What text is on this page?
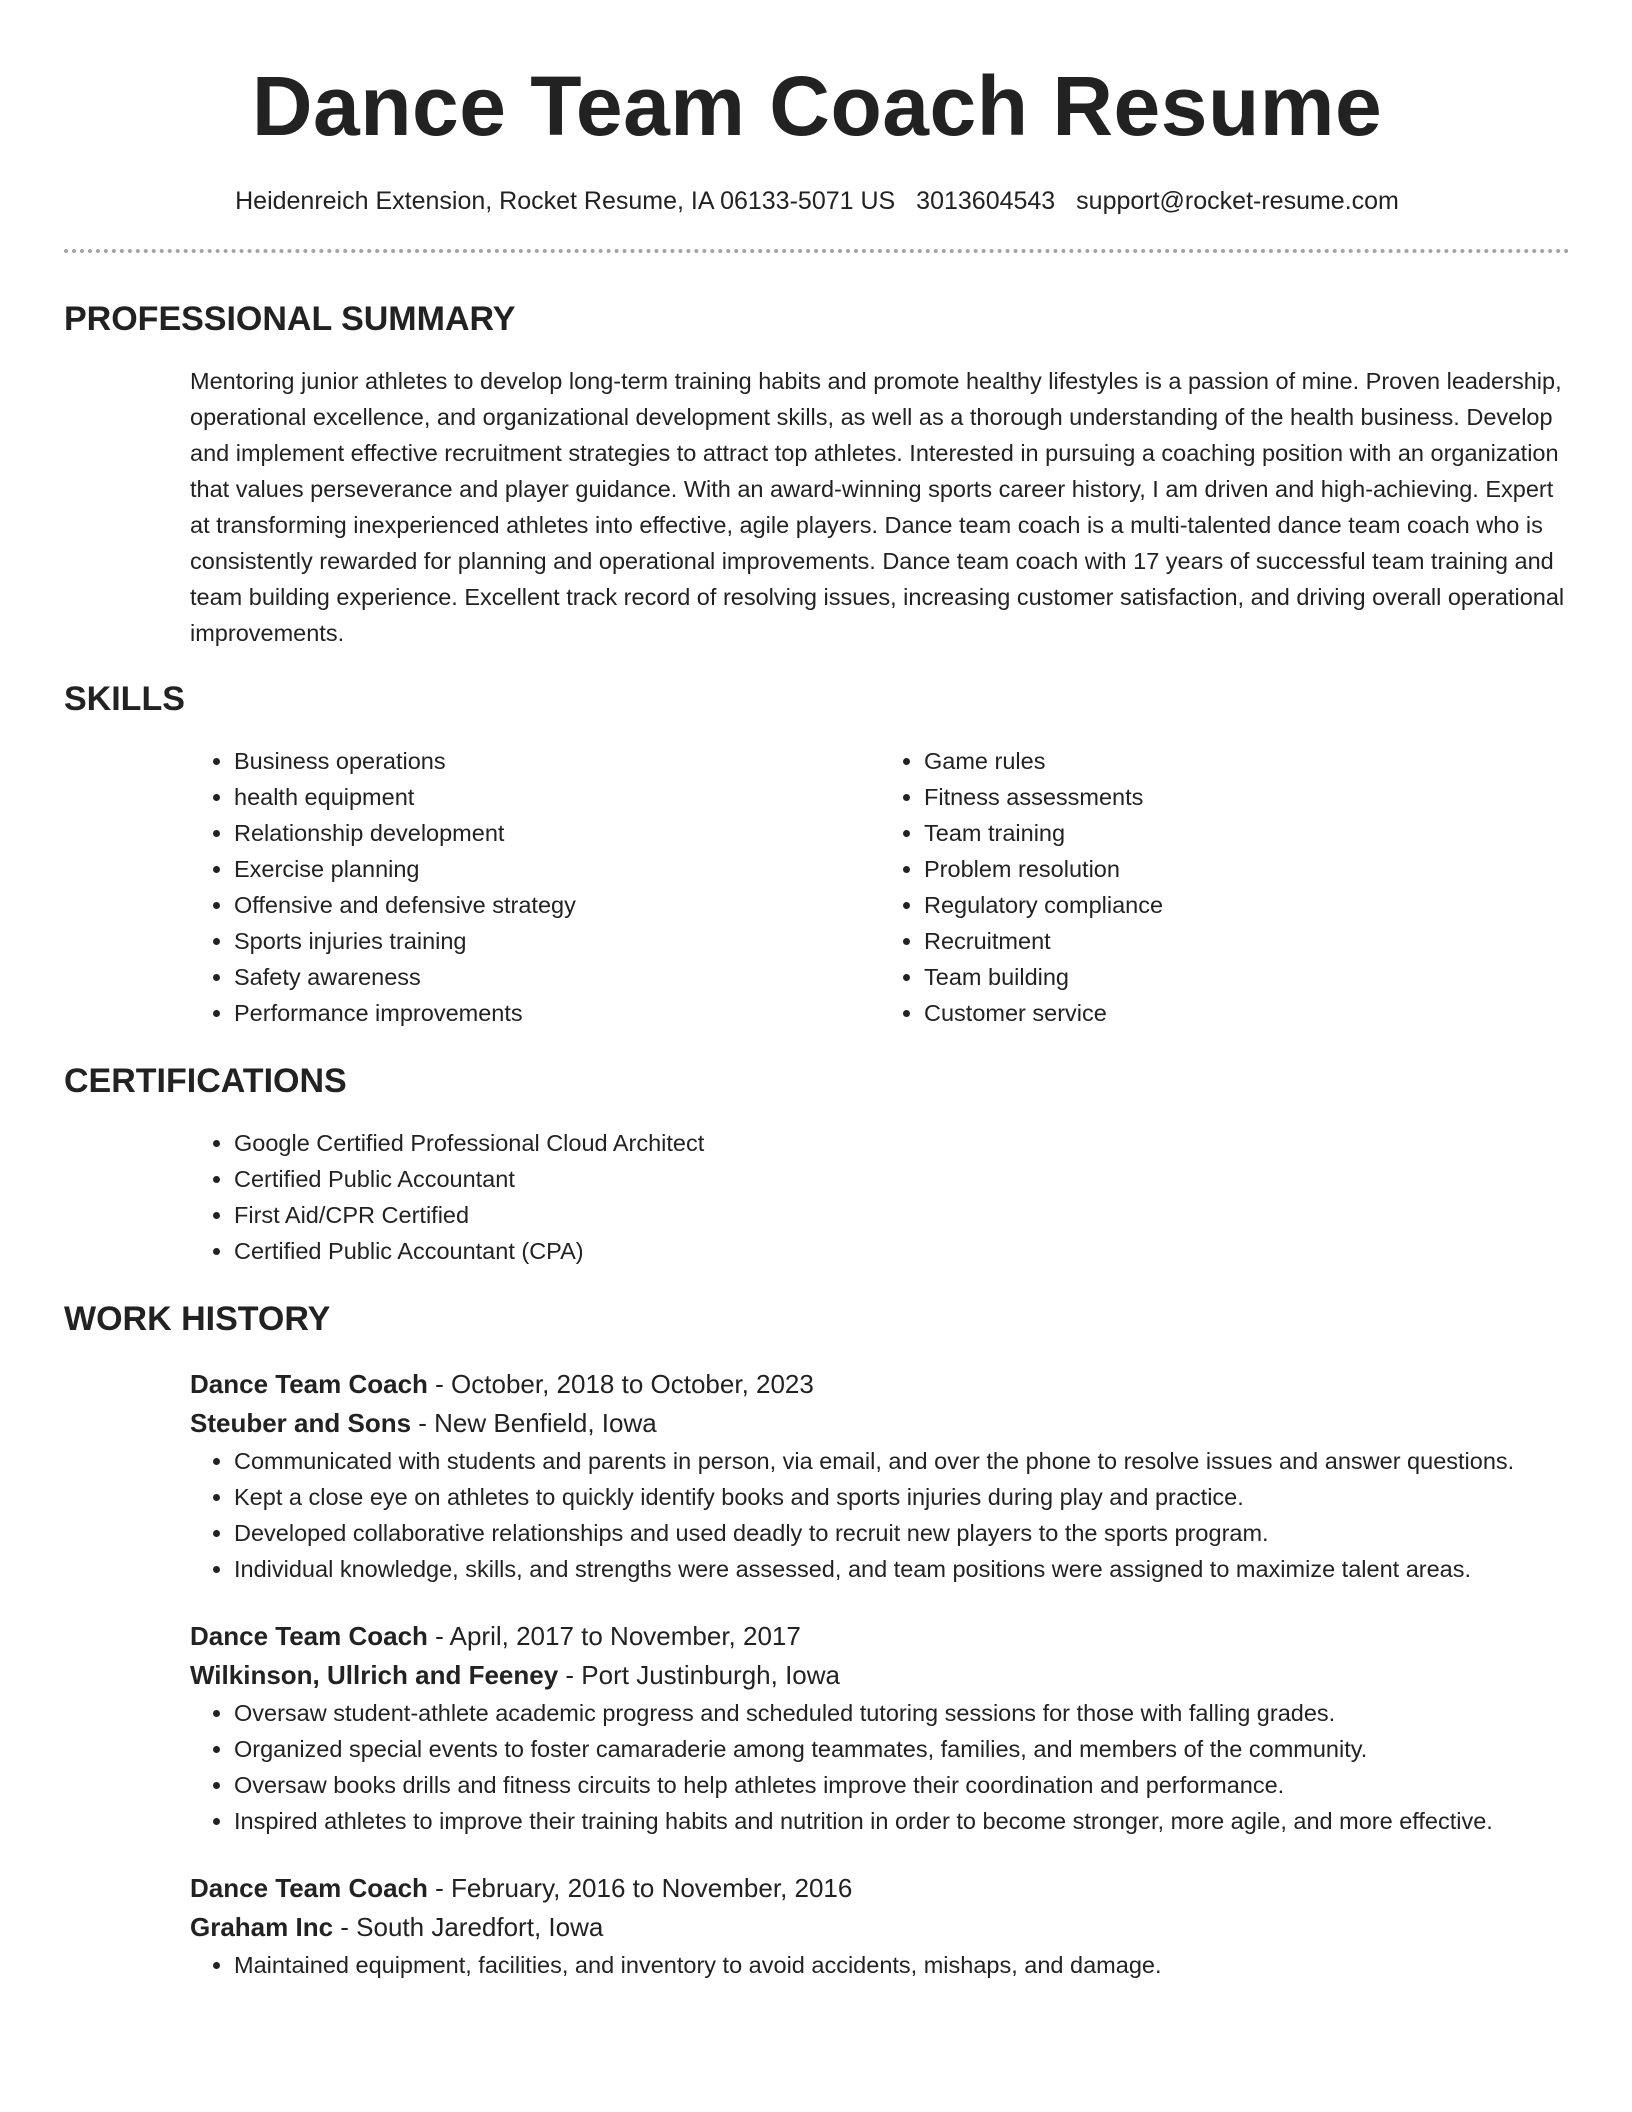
Dance Team Coach Resume
Heidenreich Extension, Rocket Resume, IA 06133-5071 US 3013604543 support@rocket-resume.com
PROFESSIONAL SUMMARY

Mentoring junior athletes to develop long-term training habits and promote healthy lifestyles is a passion of mine. Proven leadership, operational excellence, and organizational development skills, as well as a thorough understanding of the health business. Develop and implement effective recruitment strategies to attract top athletes. Interested in pursuing a coaching position with an organization that values perseverance and player guidance. With an award-winning sports career history, I am driven and high-achieving. Expert at transforming inexperienced athletes into effective, agile players. Dance team coach is a multi-talented dance team coach who is consistently rewarded for planning and operational improvements. Dance team coach with 17 years of successful team training and team building experience. Excellent track record of resolving issues, increasing customer satisfaction, and driving overall operational improvements.

SKILLS
• Business operations
• health equipment
• Relationship development
• Exercise planning
• Offensive and defensive strategy
• Sports injuries training
• Safety awareness
• Performance improvements
• Game rules
• Fitness assessments
• Team training
• Problem resolution
• Regulatory compliance
• Recruitment
• Team building
• Customer service
CERTIFICATIONS
• Google Certified Professional Cloud Architect
• Certified Public Accountant
• First Aid/CPR Certified
• Certified Public Accountant (CPA)
WORK HISTORY
Dance Team Coach - October, 2018 to October, 2023
Steuber and Sons - New Benfield, Iowa
• Communicated with students and parents in person, via email, and over the phone to resolve issues and answer questions.
• Kept a close eye on athletes to quickly identify books and sports injuries during play and practice.
• Developed collaborative relationships and used deadly to recruit new players to the sports program.
• Individual knowledge, skills, and strengths were assessed, and team positions were assigned to maximize talent areas.
Dance Team Coach - April, 2017 to November, 2017
Wilkinson, Ullrich and Feeney - Port Justinburgh, Iowa
• Oversaw student-athlete academic progress and scheduled tutoring sessions for those with falling grades.
• Organized special events to foster camaraderie among teammates, families, and members of the community.
• Oversaw books drills and fitness circuits to help athletes improve their coordination and performance.
• Inspired athletes to improve their training habits and nutrition in order to become stronger, more agile, and more effective.
Dance Team Coach - February, 2016 to November, 2016
Graham Inc - South Jaredfort, Iowa
• Maintained equipment, facilities, and inventory to avoid accidents, mishaps, and damage.
